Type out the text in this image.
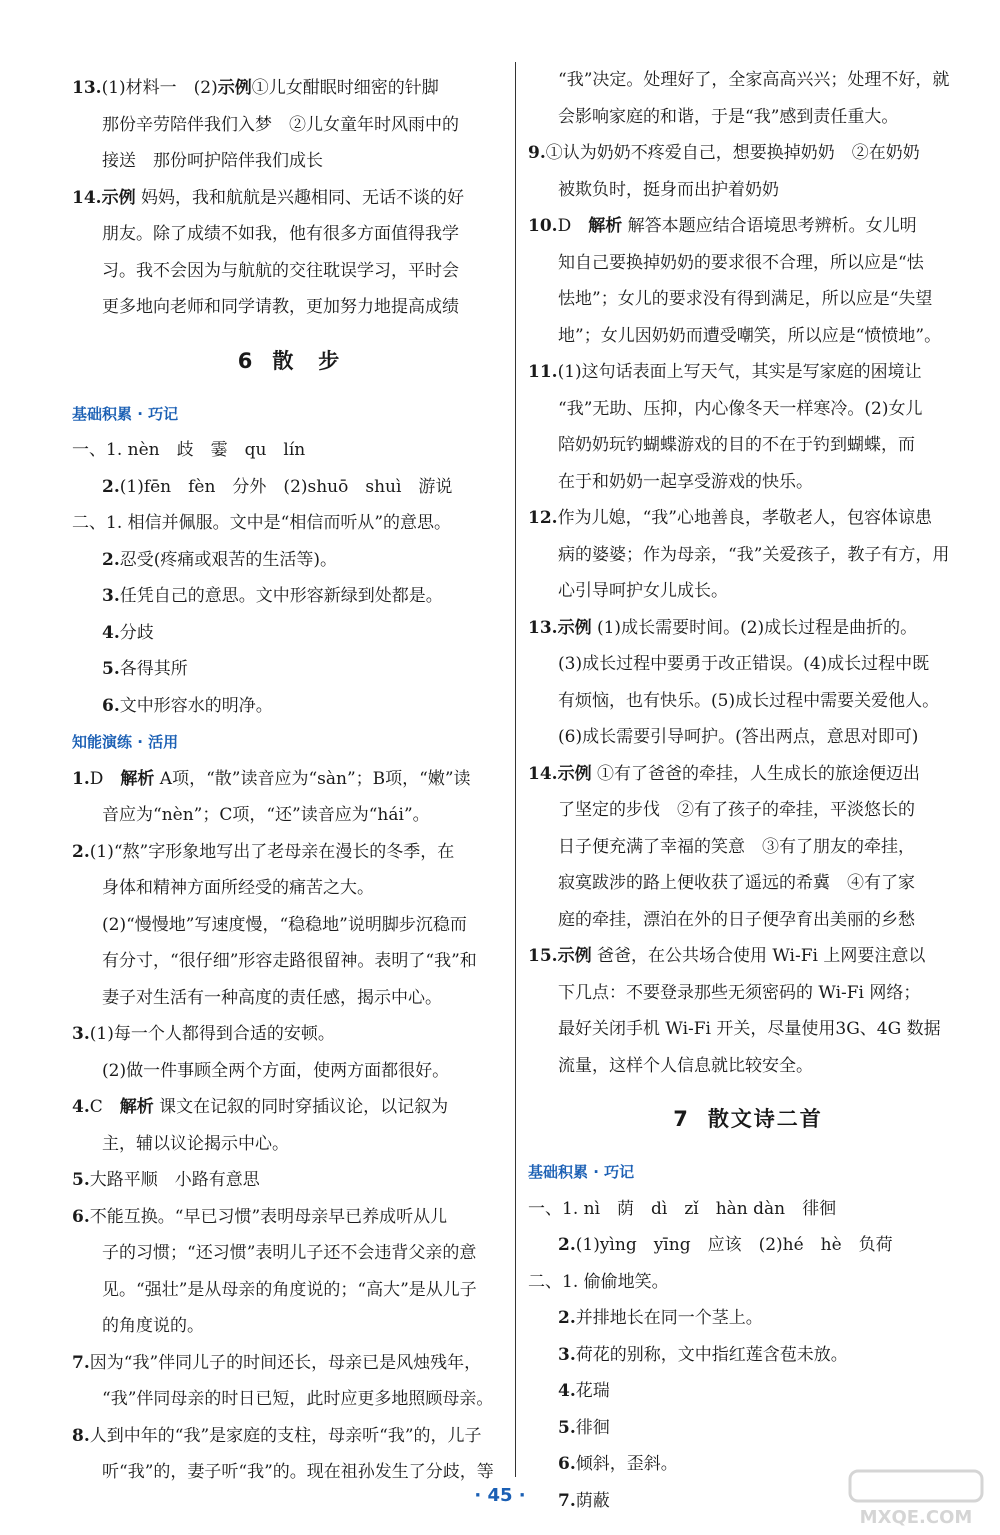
13.(1)材料一　(2)示例①儿女酣眠时细密的针脚
那份辛劳陪伴我们入梦　②儿女童年时风雨中的
接送　那份呵护陪伴我们成长
14.示例 妈妈，我和航航是兴趣相同、无话不谈的好
朋友。除了成绩不如我，他有很多方面值得我学
习。我不会因为与航航的交往耽误学习，平时会
更多地向老师和同学请教，更加努力地提高成绩
6 散　步
基础积累 · 巧记
一、1. nèn　歧　霎　qu　lín
2.(1)fēn　fèn　分外　(2)shuō　shuì　游说
二、1. 相信并佩服。文中是“相信而听从”的意思。
2.忍受(疼痛或艰苦的生活等)。
3.任凭自己的意思。文中形容新绿到处都是。
4.分歧
5.各得其所
6.文中形容水的明净。
知能演练 · 活用
1.D　解析 A项，“散”读音应为“sàn”；B项，“嫩”读
音应为“nèn”；C项，“还”读音应为“hái”。
2.(1)“熬”字形象地写出了老母亲在漫长的冬季，在
身体和精神方面所经受的痛苦之大。
(2)“慢慢地”写速度慢，“稳稳地”说明脚步沉稳而
有分寸，“很仔细”形容走路很留神。表明了“我”和
妻子对生活有一种高度的责任感，揭示中心。
3.(1)每一个人都得到合适的安顿。
(2)做一件事顾全两个方面，使两方面都很好。
4.C　解析 课文在记叙的同时穿插议论，以记叙为
主，辅以议论揭示中心。
5.大路平顺　小路有意思
6.不能互换。“早已习惯”表明母亲早已养成听从儿
子的习惯；“还习惯”表明儿子还不会违背父亲的意
见。“强壮”是从母亲的角度说的；“高大”是从儿子
的角度说的。
7.因为“我”伴同儿子的时间还长，母亲已是风烛残年，
“我”伴同母亲的时日已短，此时应更多地照顾母亲。
8.人到中年的“我”是家庭的支柱，母亲听“我”的，儿子
听“我”的，妻子听“我”的。现在祖孙发生了分歧，等
“我”决定。处理好了，全家高高兴兴；处理不好，就
会影响家庭的和谐，于是“我”感到责任重大。
9.①认为奶奶不疼爱自己，想要换掉奶奶　②在奶奶
被欺负时，挺身而出护着奶奶
10.D　解析 解答本题应结合语境思考辨析。女儿明
知自己要换掉奶奶的要求很不合理，所以应是“怯
怯地”；女儿的要求没有得到满足，所以应是“失望
地”；女儿因奶奶而遭受嘲笑，所以应是“愤愤地”。
11.(1)这句话表面上写天气，其实是写家庭的困境让
“我”无助、压抑，内心像冬天一样寒冷。(2)女儿
陪奶奶玩钓蝴蝶游戏的目的不在于钓到蝴蝶，而
在于和奶奶一起享受游戏的快乐。
12.作为儿媳，“我”心地善良，孝敬老人，包容体谅患
病的婆婆；作为母亲，“我”关爱孩子，教子有方，用
心引导呵护女儿成长。
13.示例 (1)成长需要时间。(2)成长过程是曲折的。
(3)成长过程中要勇于改正错误。(4)成长过程中既
有烦恼，也有快乐。(5)成长过程中需要关爱他人。
(6)成长需要引导呵护。(答出两点，意思对即可)
14.示例 ①有了爸爸的牵挂，人生成长的旅途便迈出
了坚定的步伐　②有了孩子的牵挂，平淡悠长的
日子便充满了幸福的笑意　③有了朋友的牵挂，
寂寞跋涉的路上便收获了遥远的希冀　④有了家
庭的牵挂，漂泊在外的日子便孕育出美丽的乡愁
15.示例 爸爸，在公共场合使用 Wi-Fi 上网要注意以
下几点：不要登录那些无须密码的 Wi-Fi 网络；
最好关闭手机 Wi-Fi 开关，尽量使用3G、4G 数据
流量，这样个人信息就比较安全。
7 散文诗二首
基础积累 · 巧记
一、1. nì　荫　dì　zǐ　hàn dàn　徘徊
2.(1)yìng　yīng　应该　(2)hé　hè　负荷
二、1. 偷偷地笑。
2.并排地长在同一个茎上。
3.荷花的别称，文中指红莲含苞未放。
4.花瑞
5.徘徊
6.倾斜，歪斜。
7.荫蔽
· 45 ·
MXQE.COM
